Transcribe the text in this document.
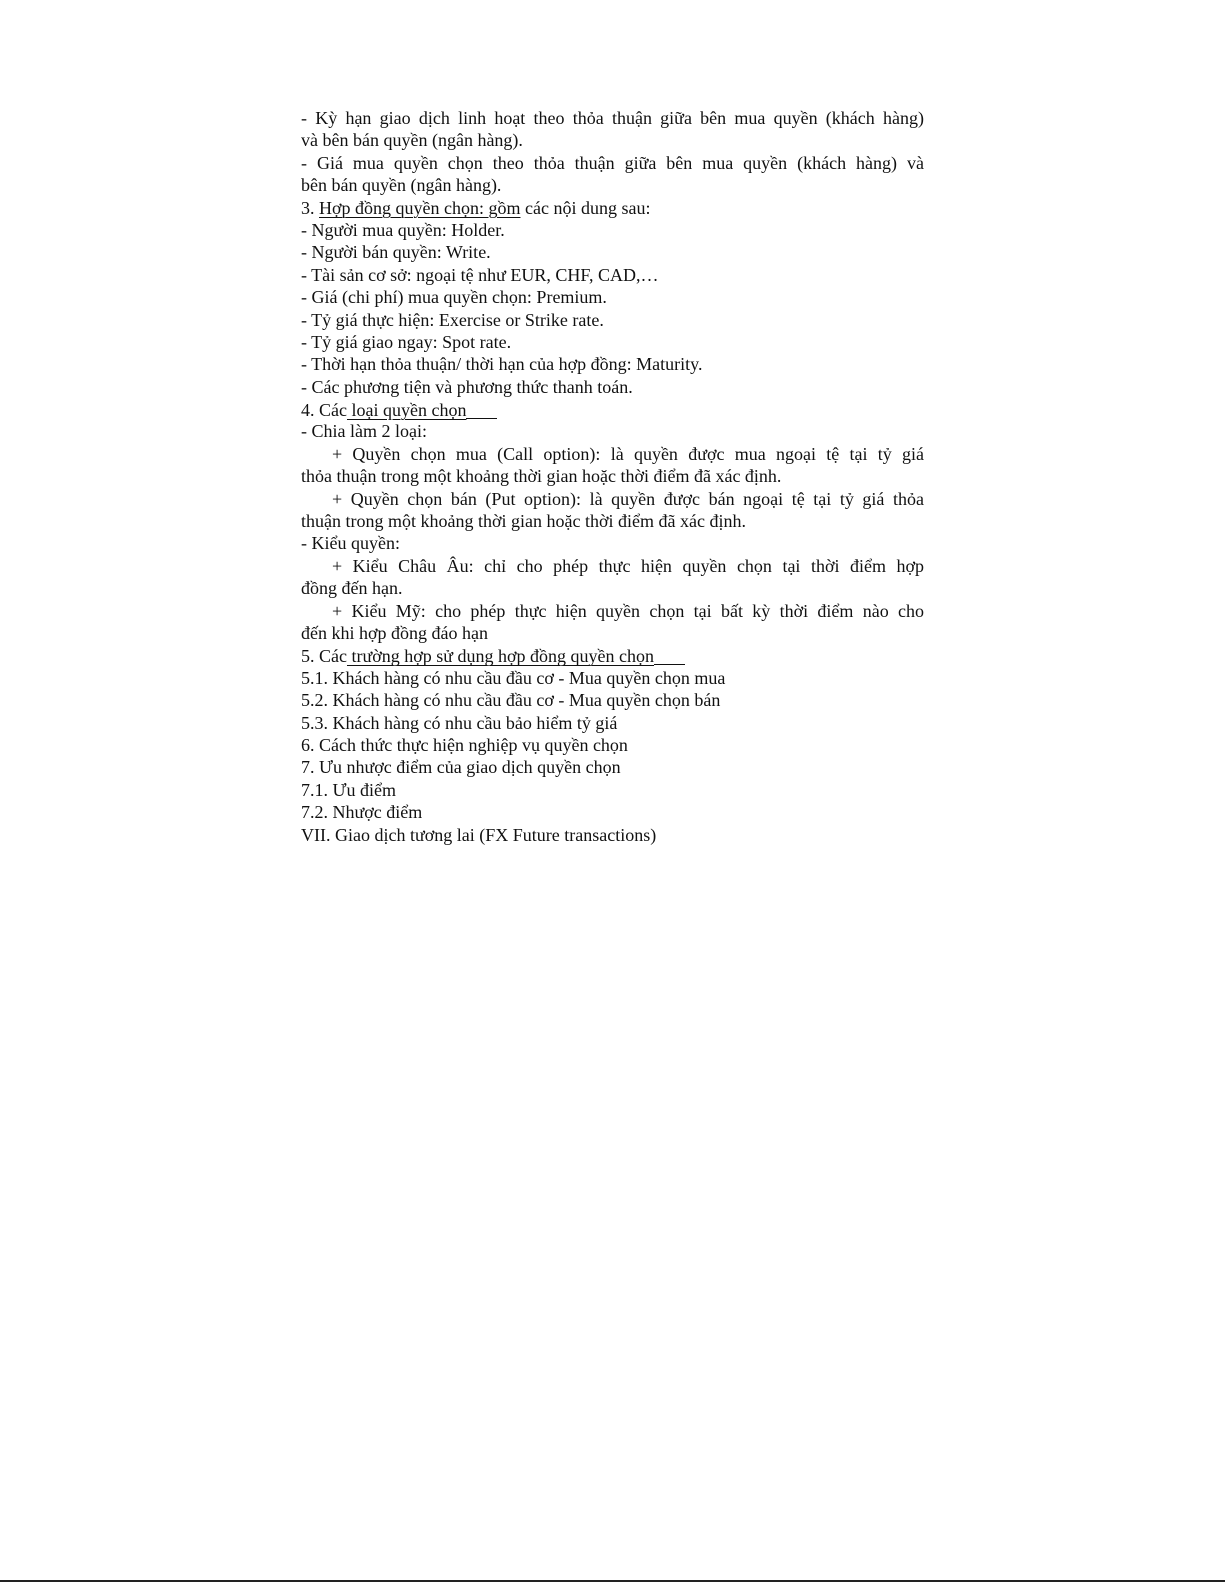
- Kỳ hạn giao dịch linh hoạt theo thỏa thuận giữa bên mua quyền (khách hàng)
và bên bán quyền (ngân hàng).
- Giá mua quyền chọn theo thỏa thuận giữa bên mua quyền (khách hàng) và
bên bán quyền (ngân hàng).
3. Hợp đồng quyền chọn: gồm các nội dung sau:
- Người mua quyền: Holder.
- Người bán quyền: Write.
- Tài sản cơ sở: ngoại tệ như EUR, CHF, CAD,…
- Giá (chi phí) mua quyền chọn: Premium.
- Tỷ giá thực hiện: Exercise or Strike rate.
- Tỷ giá giao ngay: Spot rate.
- Thời hạn thỏa thuận/ thời hạn của hợp đồng: Maturity.
- Các phương tiện và phương thức thanh toán.
4. Các loại quyền chọn
- Chia làm 2 loại:
+ Quyền chọn mua (Call option): là quyền được mua ngoại tệ tại tỷ giá
thỏa thuận trong một khoảng thời gian hoặc thời điểm đã xác định.
+ Quyền chọn bán (Put option): là quyền được bán ngoại tệ tại tỷ giá thỏa
thuận trong một khoảng thời gian hoặc thời điểm đã xác định.
- Kiểu quyền:
+ Kiểu Châu Âu: chỉ cho phép thực hiện quyền chọn tại thời điểm hợp
đồng đến hạn.
+ Kiểu Mỹ: cho phép thực hiện quyền chọn tại bất kỳ thời điểm nào cho
đến khi hợp đồng đáo hạn
5. Các trường hợp sử dụng hợp đồng quyền chọn
5.1. Khách hàng có nhu cầu đầu cơ - Mua quyền chọn mua
5.2. Khách hàng có nhu cầu đầu cơ - Mua quyền chọn bán
5.3. Khách hàng có nhu cầu bảo hiểm tỷ giá
6. Cách thức thực hiện nghiệp vụ quyền chọn
7. Ưu nhược điểm của giao dịch quyền chọn
7.1. Ưu điểm
7.2. Nhược điểm
VII. Giao dịch tương lai (FX Future transactions)
